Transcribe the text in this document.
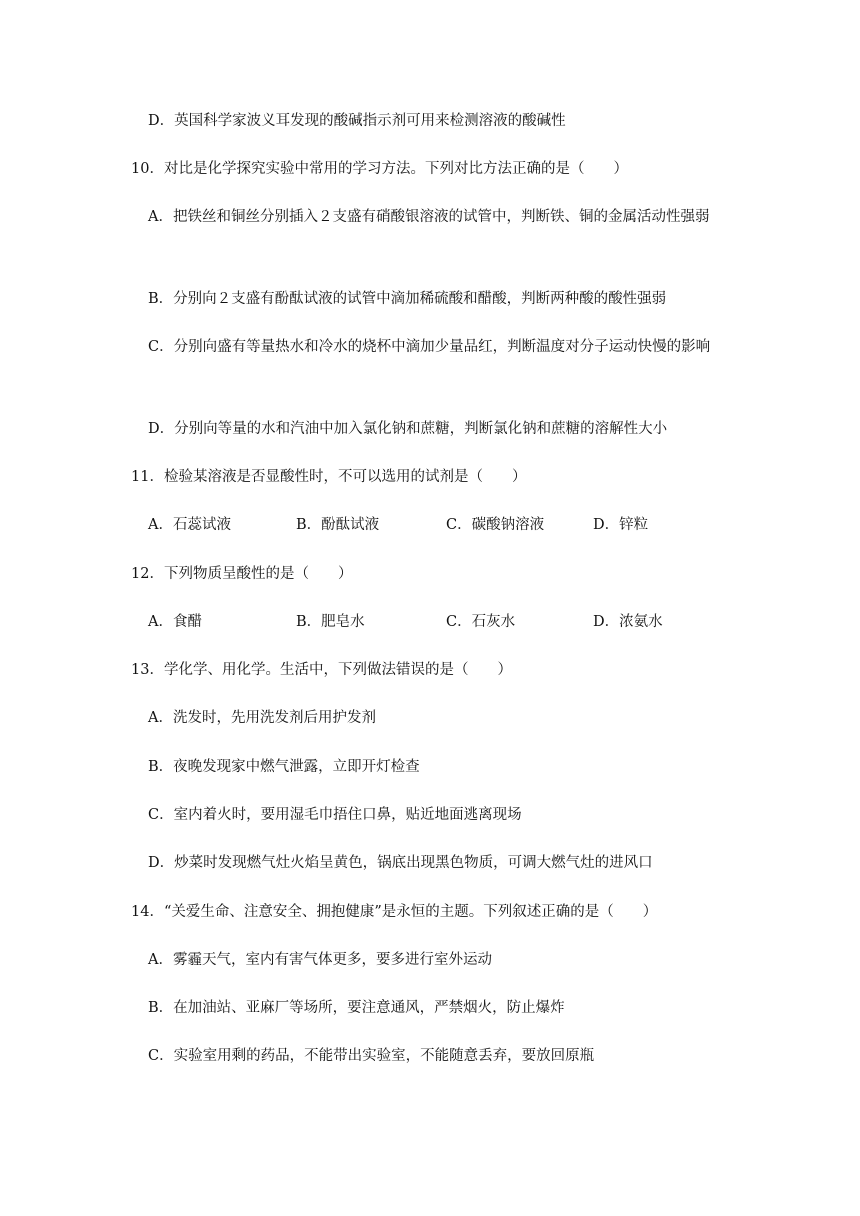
D．英国科学家波义耳发现的酸碱指示剂可用来检测溶液的酸碱性
10．对比是化学探究实验中常用的学习方法。下列对比方法正确的是（　　）
A．把铁丝和铜丝分别插入２支盛有硝酸银溶液的试管中，判断铁、铜的金属活动性强弱
B．分别向２支盛有酚酞试液的试管中滴加稀硫酸和醋酸，判断两种酸的酸性强弱
C．分别向盛有等量热水和冷水的烧杯中滴加少量品红，判断温度对分子运动快慢的影响
D．分别向等量的水和汽油中加入氯化钠和蔗糖，判断氯化钠和蔗糖的溶解性大小
11．检验某溶液是否显酸性时，不可以选用的试剂是（　　）
A．石蕊试液	B．酚酞试液	C．碳酸钠溶液	D．锌粒
12．下列物质呈酸性的是（　　）
A．食醋	B．肥皂水	C．石灰水	D．浓氨水
13．学化学、用化学。生活中，下列做法错误的是（　　）
A．洗发时，先用洗发剂后用护发剂
B．夜晚发现家中燃气泄露，立即开灯检查
C．室内着火时，要用湿毛巾捂住口鼻，贴近地面逃离现场
D．炒菜时发现燃气灶火焰呈黄色，锅底出现黑色物质，可调大燃气灶的进风口
14．“关爱生命、注意安全、拥抱健康”是永恒的主题。下列叙述正确的是（　　）
A．雾霾天气，室内有害气体更多，要多进行室外运动
B．在加油站、亚麻厂等场所，要注意通风，严禁烟火，防止爆炸
C．实验室用剩的药品，不能带出实验室，不能随意丢弃，要放回原瓶
